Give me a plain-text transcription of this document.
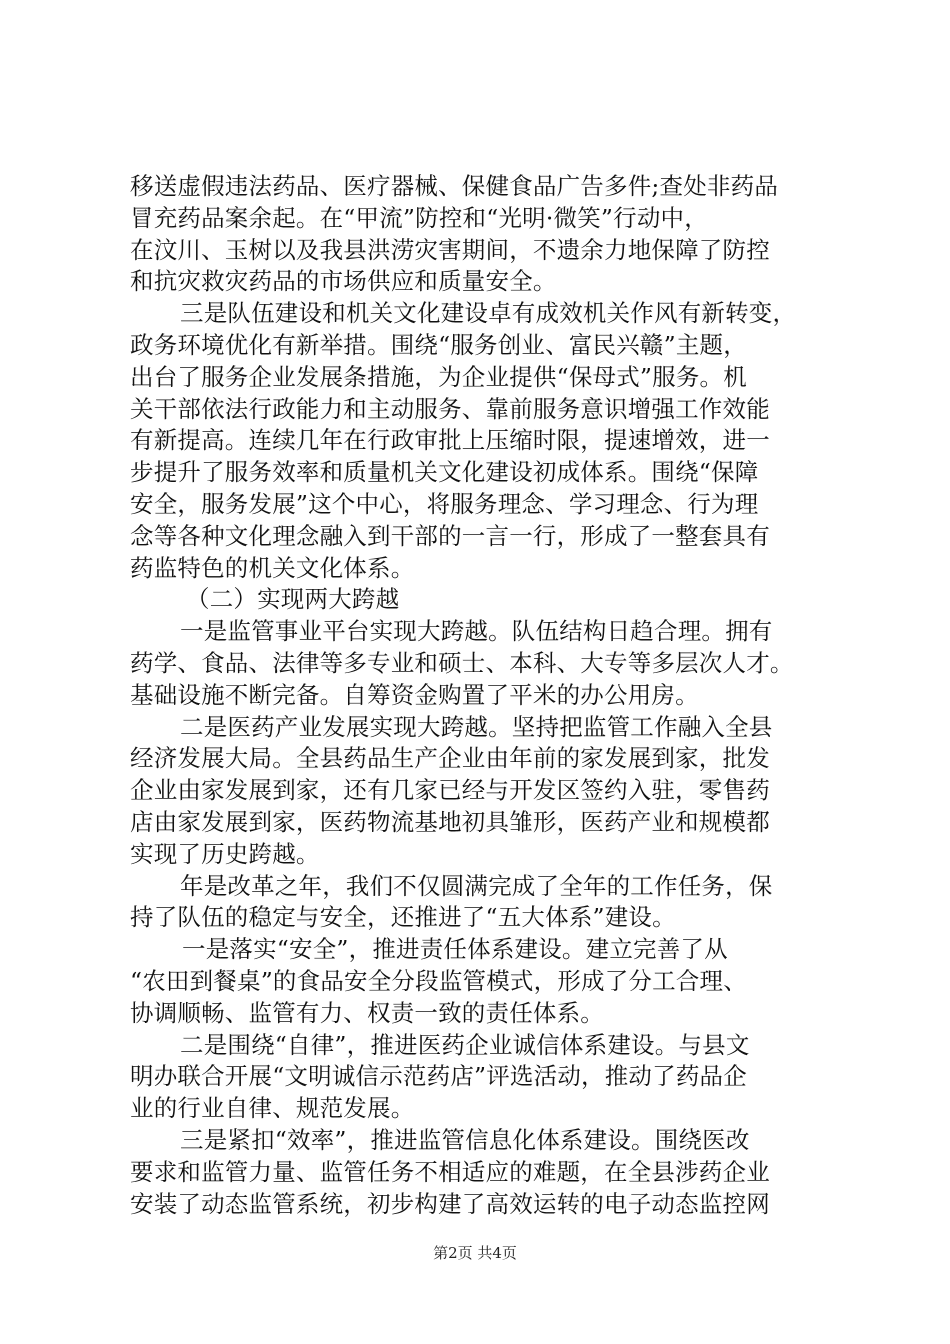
移送虚假违法药品、医疗器械、保健食品广告多件;查处非药品
冒充药品案余起。在“甲流”防控和“光明·微笑”行动中，
在汶川、玉树以及我县洪涝灾害期间，不遗余力地保障了防控
和抗灾救灾药品的市场供应和质量安全。
三是队伍建设和机关文化建设卓有成效机关作风有新转变，
政务环境优化有新举措。围绕“服务创业、富民兴赣”主题，
出台了服务企业发展条措施，为企业提供“保母式”服务。机
关干部依法行政能力和主动服务、靠前服务意识增强工作效能
有新提高。连续几年在行政审批上压缩时限，提速增效，进一
步提升了服务效率和质量机关文化建设初成体系。围绕“保障
安全，服务发展”这个中心，将服务理念、学习理念、行为理
念等各种文化理念融入到干部的一言一行，形成了一整套具有
药监特色的机关文化体系。
（二）实现两大跨越
一是监管事业平台实现大跨越。队伍结构日趋合理。拥有
药学、食品、法律等多专业和硕士、本科、大专等多层次人才。
基础设施不断完备。自筹资金购置了平米的办公用房。
二是医药产业发展实现大跨越。坚持把监管工作融入全县
经济发展大局。全县药品生产企业由年前的家发展到家，批发
企业由家发展到家，还有几家已经与开发区签约入驻，零售药
店由家发展到家，医药物流基地初具雏形，医药产业和规模都
实现了历史跨越。
年是改革之年，我们不仅圆满完成了全年的工作任务，保
持了队伍的稳定与安全，还推进了“五大体系”建设。
一是落实“安全”，推进责任体系建设。建立完善了从
“农田到餐桌”的食品安全分段监管模式，形成了分工合理、
协调顺畅、监管有力、权责一致的责任体系。
二是围绕“自律”，推进医药企业诚信体系建设。与县文
明办联合开展“文明诚信示范药店”评选活动，推动了药品企
业的行业自律、规范发展。
三是紧扣“效率”，推进监管信息化体系建设。围绕医改
要求和监管力量、监管任务不相适应的难题，在全县涉药企业
安装了动态监管系统，初步构建了高效运转的电子动态监控网
第2页 共4页
